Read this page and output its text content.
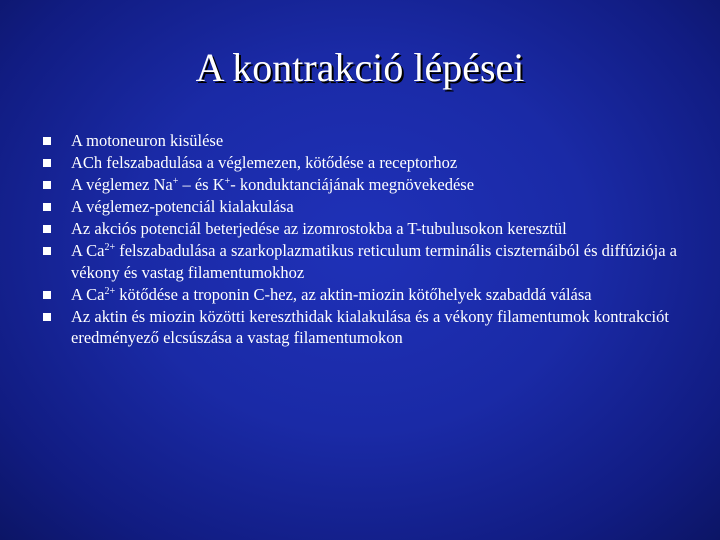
A kontrakció lépései
A motoneuron kisülése
ACh felszabadulása a véglemezen, kötődése a receptorhoz
A véglemez Na+ – és K+- konduktanciájának megnövekedése
A véglemez-potenciál kialakulása
Az akciós potenciál beterjedése az izomrostokba a T-tubulusokon keresztül
A $Ca^{2+}$ felszabadulása a szarkoplazmatikus reticulum terminális ciszternáiból és diffúziója a vékony és vastag filamentumokhoz
A $Ca^{2+}$ kötődése a troponin C-hez, az aktin-miozin kötőhelyek szabaddá válása
Az aktin és miozin közötti kereszthidak kialakulása és a vékony filamentumok kontrakciót eredményező elcsúszása a vastag filamentumokon
